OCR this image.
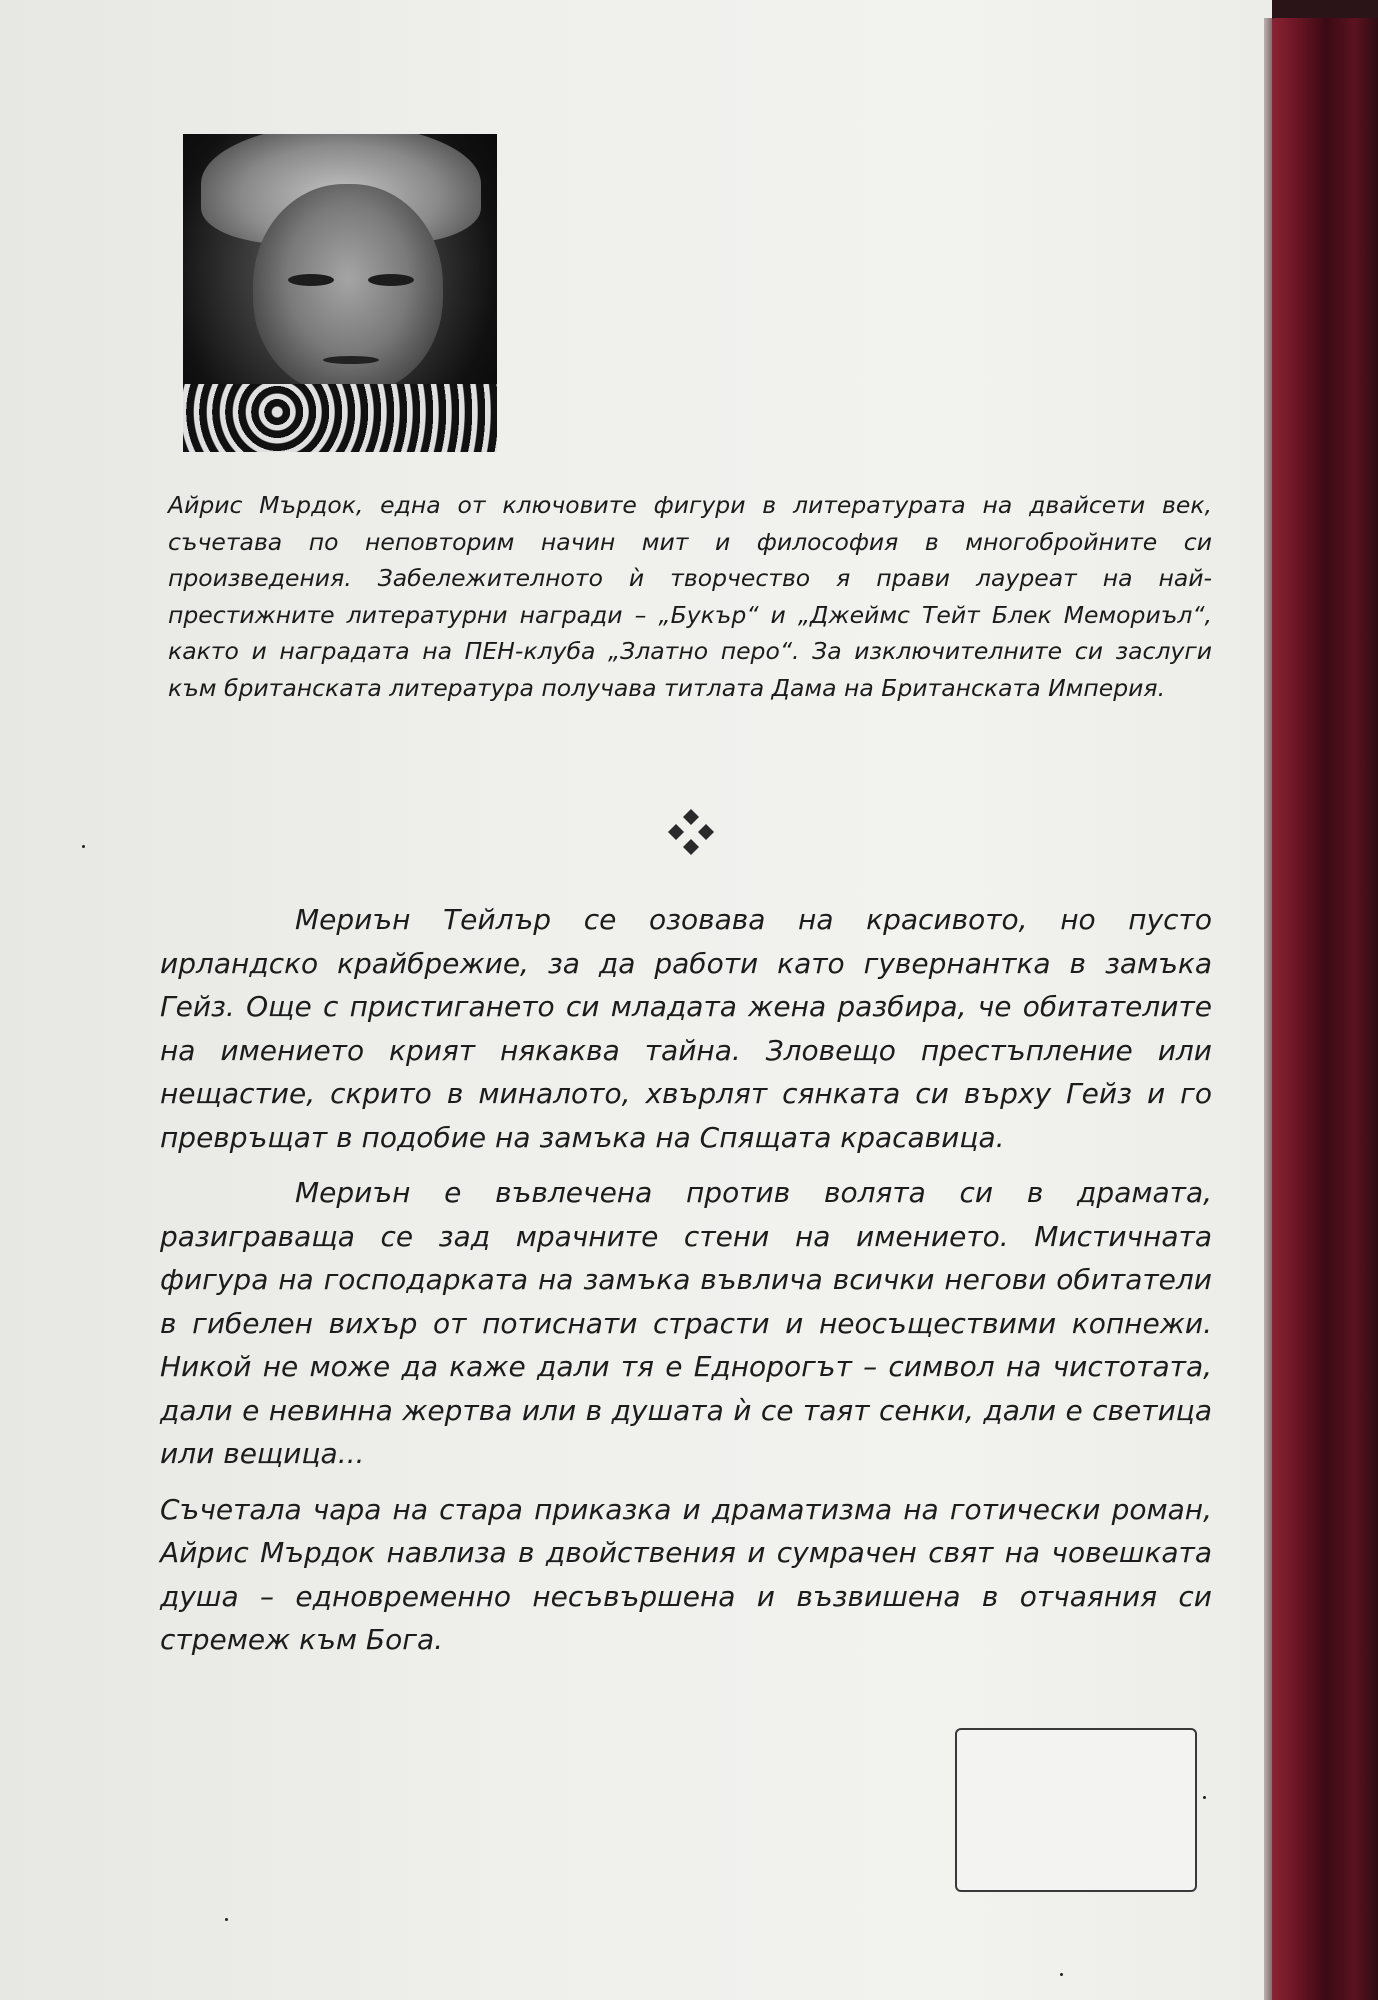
Айрис Мърдок, една от ключовите фигури в литературата на двайсети век, съчетава по неповторим начин мит и философия в многобройните си произведения. Забележителното ѝ творчество я прави лауреат на най-престижните литературни награди – „Букър“ и „Джеймс Тейт Блек Мемориъл“, както и наградата на ПЕН-клуба „Златно перо“. За изключителните си заслуги към британската литература получава титлата Дама на Британската Империя.

Мериън Тейлър се озовава на красивото, но пусто ирландско крайбрежие, за да работи като гувернантка в замъка Гейз. Още с пристигането си младата жена разбира, че обитателите на имението крият някаква тайна. Зловещо престъпление или нещастие, скрито в миналото, хвърлят сянката си върху Гейз и го превръщат в подобие на замъка на Спящата красавица.

Мериън е въвлечена против волята си в драмата, разиграваща се зад мрачните стени на имението. Мистичната фигура на господарката на замъка въвлича всички негови обитатели в гибелен вихър от потиснати страсти и неосъществими копнежи. Никой не може да каже дали тя е Еднорогът – символ на чистотата, дали е невинна жертва или в душата ѝ се таят сенки, дали е светица или вещица...

Съчетала чара на стара приказка и драматизма на готически роман, Айрис Мърдок навлиза в двойствения и сумрачен свят на човешката душа – едновременно несъвършена и възвишена в отчаяния си стремеж към Бога.
